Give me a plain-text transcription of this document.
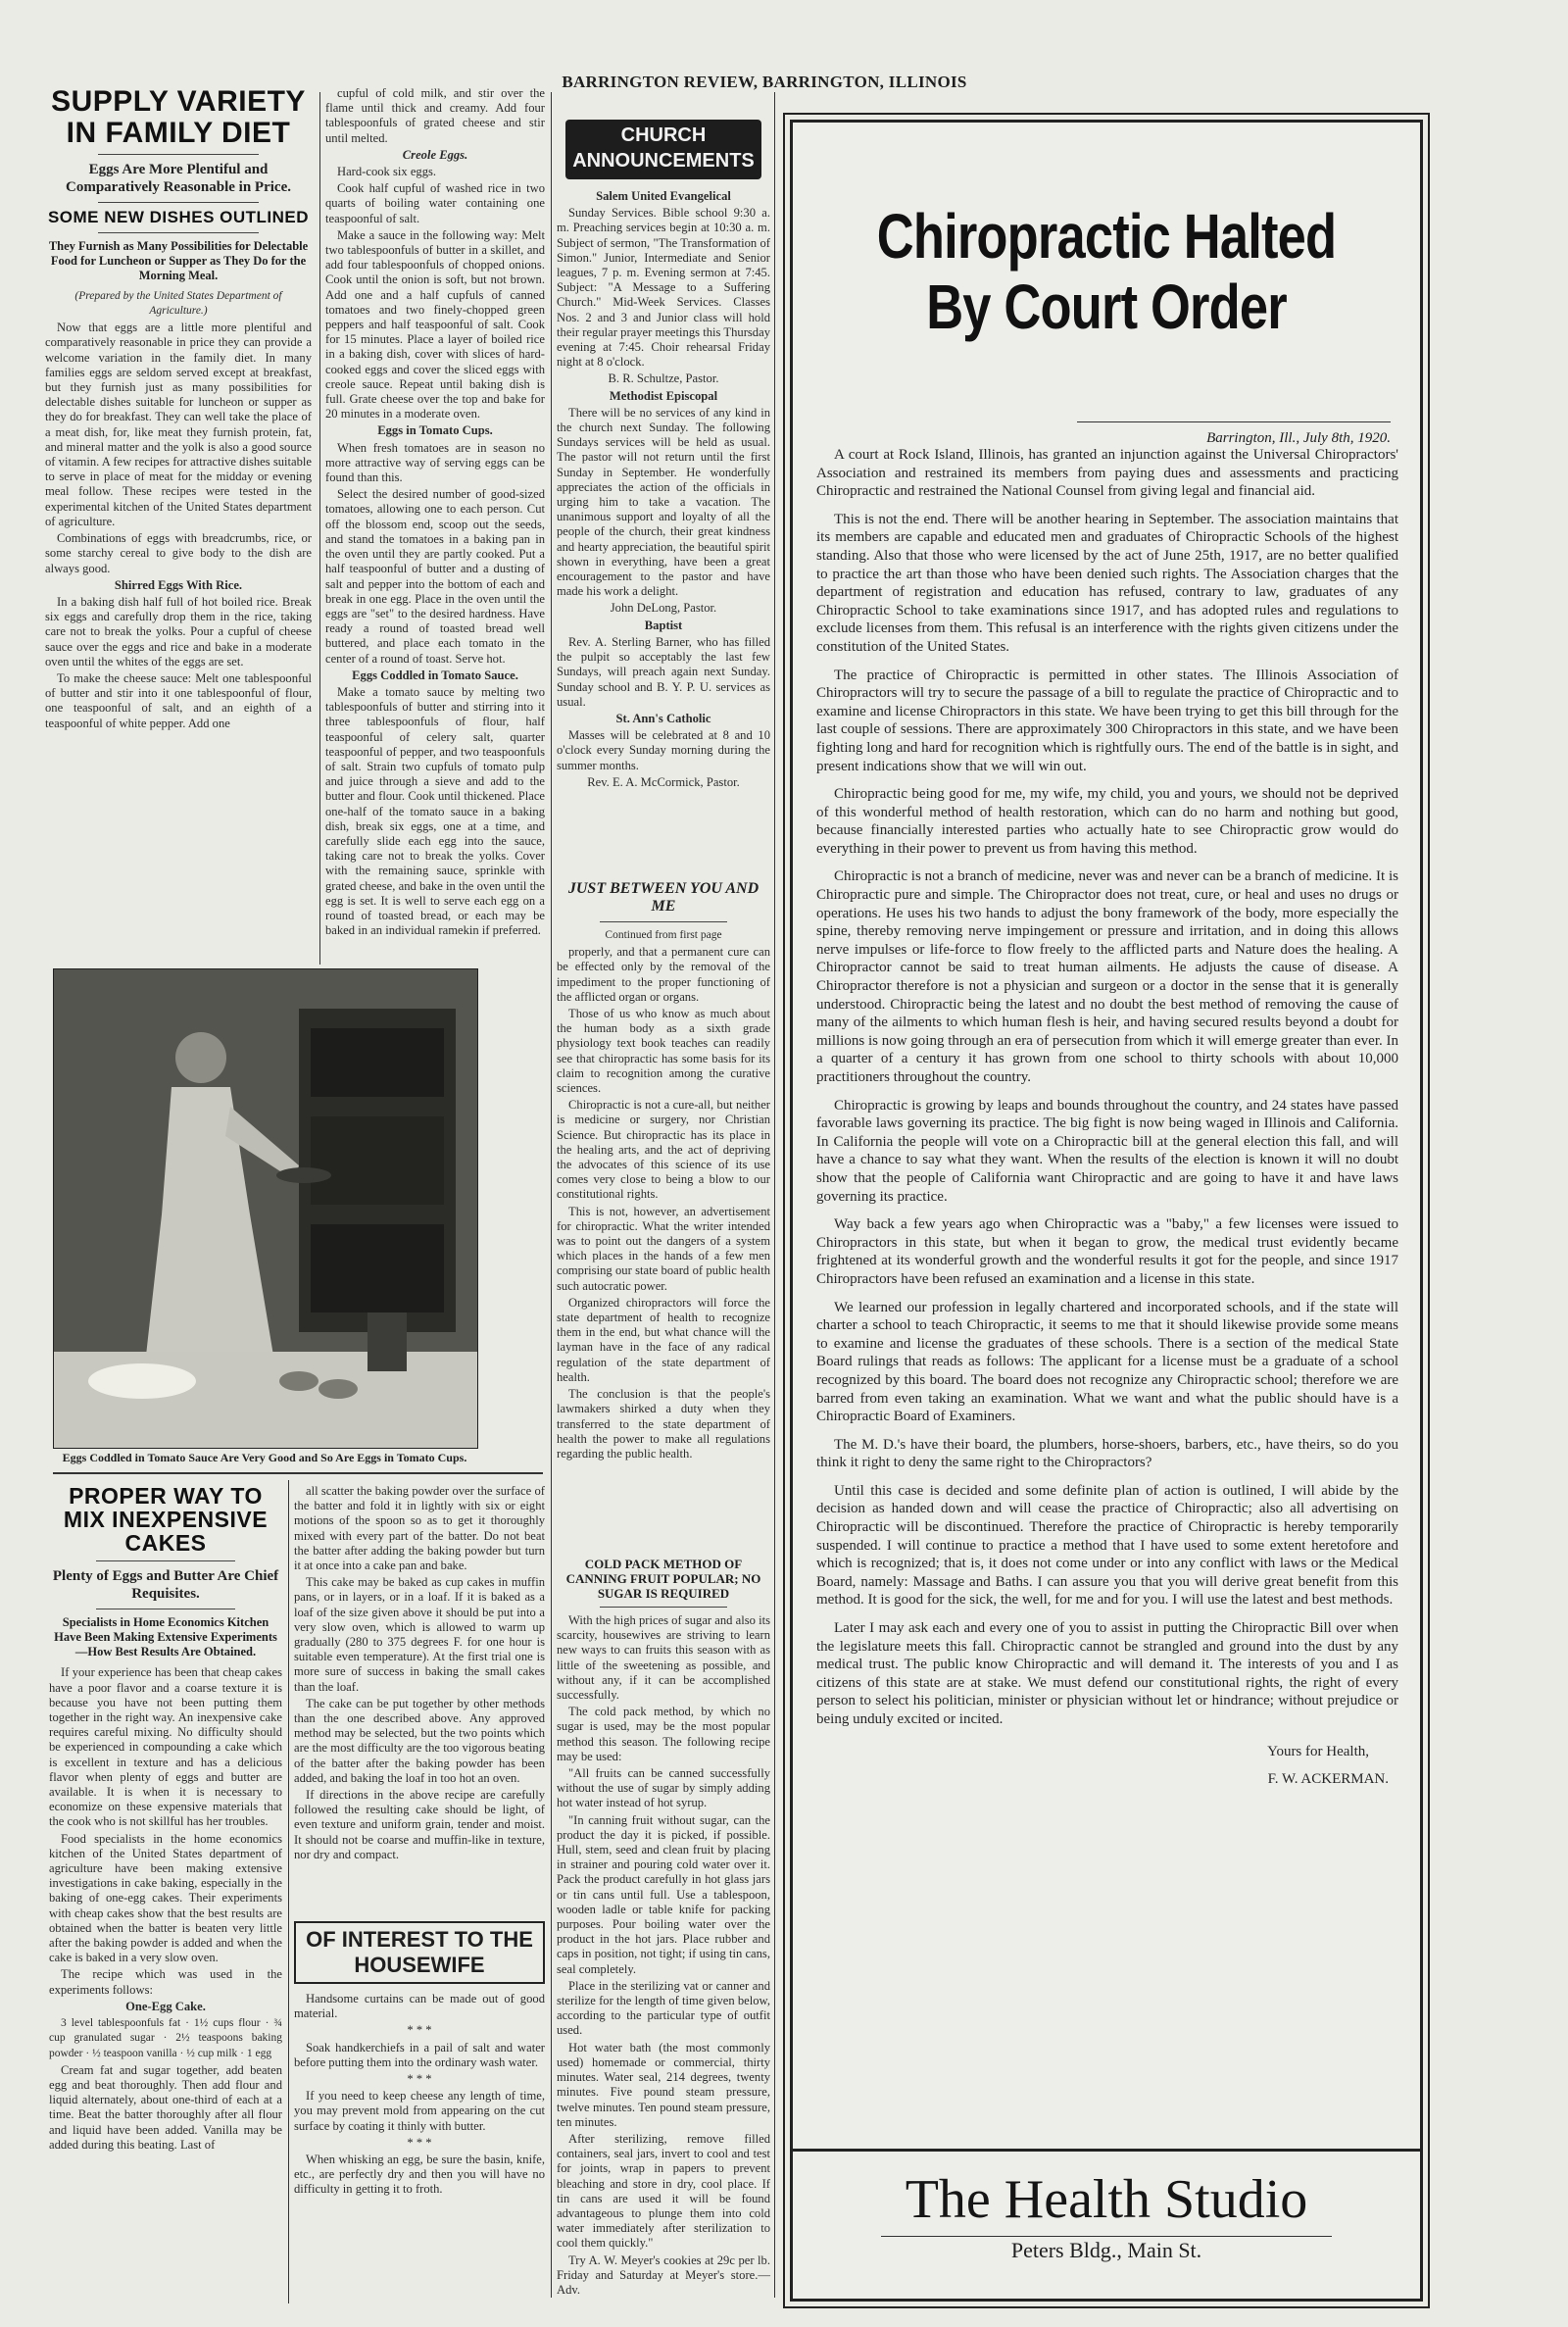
BARRINGTON REVIEW, BARRINGTON, ILLINOIS
SUPPLY VARIETY IN FAMILY DIET
Eggs Are More Plentiful and Comparatively Reasonable in Price.
SOME NEW DISHES OUTLINED
They Furnish as Many Possibilities for Delectable Food for Luncheon or Supper as They Do for the Morning Meal.

(Prepared by the United States Department of Agriculture.)

Now that eggs are a little more plentiful and comparatively reasonable in price they can provide a welcome variation in the family diet. In many families eggs are seldom served except at breakfast, but they furnish just as many possibilities for delectable dishes suitable for luncheon or supper as they do for breakfast. They can well take the place of a meat dish, for, like meat they furnish protein, fat, and mineral matter and the yolk is also a good source of vitamin. A few recipes for attractive dishes suitable to serve in place of meat for the midday or evening meal follow. These recipes were tested in the experimental kitchen of the United States department of agriculture.

Combinations of eggs with breadcrumbs, rice, or some starchy cereal to give body to the dish are always good.

Shirred Eggs With Rice.

In a baking dish half full of hot boiled rice. Break six eggs and carefully drop them in the rice, taking care not to break the yolks. Pour a cupful of cheese sauce over the eggs and rice and bake in a moderate oven until the whites of the eggs are set.

To make the cheese sauce: Melt one tablespoonful of butter and stir into it one tablespoonful of flour, one teaspoonful of salt, and an eighth of a teaspoonful of white pepper. Add one

cupful of cold milk, and stir over the flame until thick and creamy. Add four tablespoonfuls of grated cheese and stir until melted.

Creole Eggs.

Hard-cook six eggs.

Cook half cupful of washed rice in two quarts of boiling water containing one teaspoonful of salt.

Make a sauce in the following way: Melt two tablespoonfuls of butter in a skillet, and add four tablespoonfuls of chopped onions. Cook until the onion is soft, but not brown. Add one and a half cupfuls of canned tomatoes and two finely-chopped green peppers and half teaspoonful of salt. Cook for 15 minutes. Place a layer of boiled rice in a baking dish, cover with slices of hard-cooked eggs and cover the sliced eggs with creole sauce. Repeat until baking dish is full. Grate cheese over the top and bake for 20 minutes in a moderate oven.

Eggs in Tomato Cups.

When fresh tomatoes are in season no more attractive way of serving eggs can be found than this.

Select the desired number of good-sized tomatoes, allowing one to each person. Cut off the blossom end, scoop out the seeds, and stand the tomatoes in a baking pan in the oven until they are partly cooked. Put a half teaspoonful of butter and a dusting of salt and pepper into the bottom of each and break in one egg. Place in the oven until the eggs are "set" to the desired hardness. Have ready a round of toasted bread well buttered, and place each tomato in the center of a round of toast. Serve hot.

Eggs Coddled in Tomato Sauce.

Make a tomato sauce by melting two tablespoonfuls of butter and stirring into it three tablespoonfuls of flour, half teaspoonful of celery salt, quarter teaspoonful of pepper, and two teaspoonfuls of salt. Strain two cupfuls of tomato pulp and juice through a sieve and add to the butter and flour. Cook until thickened. Place one-half of the tomato sauce in a baking dish, break six eggs, one at a time, and carefully slide each egg into the sauce, taking care not to break the yolks. Cover with the remaining sauce, sprinkle with grated cheese, and bake in the oven until the egg is set. It is well to serve each egg on a round of toasted bread, or each may be baked in an individual ramekin if preferred.

Eggs Coddled in Tomato Sauce Are Very Good and So Are Eggs in Tomato Cups.
PROPER WAY TO MIX INEXPENSIVE CAKES
Plenty of Eggs and Butter Are Chief Requisites.
Specialists in Home Economics Kitchen Have Been Making Extensive Experiments—How Best Results Are Obtained.

If your experience has been that cheap cakes have a poor flavor and a coarse texture it is because you have not been putting them together in the right way. An inexpensive cake requires careful mixing. No difficulty should be experienced in compounding a cake which is excellent in texture and has a delicious flavor when plenty of eggs and butter are available. It is when it is necessary to economize on these expensive materials that the cook who is not skillful has her troubles.

Food specialists in the home economics kitchen of the United States department of agriculture have been making extensive investigations in cake baking, especially in the baking of one-egg cakes. Their experiments with cheap cakes show that the best results are obtained when the batter is beaten very little after the baking powder is added and when the cake is baked in a very slow oven.

The recipe which was used in the experiments follows:

One-Egg Cake.

3 level tablespoonfuls fat · 1½ cups flour · ¾ cup granulated sugar · 2½ teaspoons baking powder · ½ teaspoon vanilla · ½ cup milk · 1 egg

Cream fat and sugar together, add beaten egg and beat thoroughly. Then add flour and liquid alternately, about one-third of each at a time. Beat the batter thoroughly after all flour and liquid have been added. Vanilla may be added during this beating. Last of

all scatter the baking powder over the surface of the batter and fold it in lightly with six or eight motions of the spoon so as to get it thoroughly mixed with every part of the batter. Do not beat the batter after adding the baking powder but turn it at once into a cake pan and bake.

This cake may be baked as cup cakes in muffin pans, or in layers, or in a loaf. If it is baked as a loaf of the size given above it should be put into a very slow oven, which is allowed to warm up gradually (280 to 375 degrees F. for one hour is suitable even temperature). At the first trial one is more sure of success in baking the small cakes than the loaf.

The cake can be put together by other methods than the one described above. Any approved method may be selected, but the two points which are the most difficulty are the too vigorous beating of the batter after the baking powder has been added, and baking the loaf in too hot an oven.

If directions in the above recipe are carefully followed the resulting cake should be light, of even texture and uniform grain, tender and moist. It should not be coarse and muffin-like in texture, nor dry and compact.

OF INTEREST TO THE HOUSEWIFE

Handsome curtains can be made out of good material.

* * *

Soak handkerchiefs in a pail of salt and water before putting them into the ordinary wash water.

* * *

If you need to keep cheese any length of time, you may prevent mold from appearing on the cut surface by coating it thinly with butter.

* * *

When whisking an egg, be sure the basin, knife, etc., are perfectly dry and then you will have no difficulty in getting it to froth.

CHURCH ANNOUNCEMENTS

Salem United Evangelical

Sunday Services. Bible school 9:30 a. m. Preaching services begin at 10:30 a. m. Subject of sermon, "The Transformation of Simon." Junior, Intermediate and Senior leagues, 7 p. m. Evening sermon at 7:45. Subject: "A Message to a Suffering Church." Mid-Week Services. Classes Nos. 2 and 3 and Junior class will hold their regular prayer meetings this Thursday evening at 7:45. Choir rehearsal Friday night at 8 o'clock.

B. R. Schultze, Pastor.

Methodist Episcopal

There will be no services of any kind in the church next Sunday. The following Sundays services will be held as usual. The pastor will not return until the first Sunday in September. He wonderfully appreciates the action of the officials in urging him to take a vacation. The unanimous support and loyalty of all the people of the church, their great kindness and hearty appreciation, the beautiful spirit shown in everything, have been a great encouragement to the pastor and have made his work a delight.

John DeLong, Pastor.

Baptist

Rev. A. Sterling Barner, who has filled the pulpit so acceptably the last few Sundays, will preach again next Sunday. Sunday school and B. Y. P. U. services as usual.

St. Ann's Catholic

Masses will be celebrated at 8 and 10 o'clock every Sunday morning during the summer months.

Rev. E. A. McCormick, Pastor.

JUST BETWEEN YOU AND ME

Continued from first page

properly, and that a permanent cure can be effected only by the removal of the impediment to the proper functioning of the afflicted organ or organs.

Those of us who know as much about the human body as a sixth grade physiology text book teaches can readily see that chiropractic has some basis for its claim to recognition among the curative sciences.

Chiropractic is not a cure-all, but neither is medicine or surgery, nor Christian Science. But chiropractic has its place in the healing arts, and the act of depriving the advocates of this science of its use comes very close to being a blow to our constitutional rights.

This is not, however, an advertisement for chiropractic. What the writer intended was to point out the dangers of a system which places in the hands of a few men comprising our state board of public health such autocratic power.

Organized chiropractors will force the state department of health to recognize them in the end, but what chance will the layman have in the face of any radical regulation of the state department of health.

The conclusion is that the people's lawmakers shirked a duty when they transferred to the state department of health the power to make all regulations regarding the public health.

COLD PACK METHOD OF CANNING FRUIT POPULAR; NO SUGAR IS REQUIRED

With the high prices of sugar and also its scarcity, housewives are striving to learn new ways to can fruits this season with as little of the sweetening as possible, and without any, if it can be accomplished successfully.

The cold pack method, by which no sugar is used, may be the most popular method this season. The following recipe may be used:

"All fruits can be canned successfully without the use of sugar by simply adding hot water instead of hot syrup.

"In canning fruit without sugar, can the product the day it is picked, if possible. Hull, stem, seed and clean fruit by placing in strainer and pouring cold water over it. Pack the product carefully in hot glass jars or tin cans until full. Use a tablespoon, wooden ladle or table knife for packing purposes. Pour boiling water over the product in the hot jars. Place rubber and caps in position, not tight; if using tin cans, seal completely.

Place in the sterilizing vat or canner and sterilize for the length of time given below, according to the particular type of outfit used.

Hot water bath (the most commonly used) homemade or commercial, thirty minutes. Water seal, 214 degrees, twenty minutes. Five pound steam pressure, twelve minutes. Ten pound steam pressure, ten minutes.

After sterilizing, remove filled containers, seal jars, invert to cool and test for joints, wrap in papers to prevent bleaching and store in dry, cool place. If tin cans are used it will be found advantageous to plunge them into cold water immediately after sterilization to cool them quickly."

Try A. W. Meyer's cookies at 29c per lb. Friday and Saturday at Meyer's store.—Adv.

Chiropractic Halted By Court Order
Barrington, Ill., July 8th, 1920.

A court at Rock Island, Illinois, has granted an injunction against the Universal Chiropractors' Association and restrained its members from paying dues and assessments and practicing Chiropractic and restrained the National Counsel from giving legal and financial aid.

This is not the end. There will be another hearing in September. The association maintains that its members are capable and educated men and graduates of Chiropractic Schools of the highest standing. Also that those who were licensed by the act of June 25th, 1917, are no better qualified to practice the art than those who have been denied such rights. The Association charges that the department of registration and education has refused, contrary to law, graduates of any Chiropractic School to take examinations since 1917, and has adopted rules and regulations to exclude licenses from them. This refusal is an interference with the rights given citizens under the constitution of the United States.

The practice of Chiropractic is permitted in other states. The Illinois Association of Chiropractors will try to secure the passage of a bill to regulate the practice of Chiropractic and to examine and license Chiropractors in this state. We have been trying to get this bill through for the last couple of sessions. There are approximately 300 Chiropractors in this state, and we have been fighting long and hard for recognition which is rightfully ours. The end of the battle is in sight, and present indications show that we will win out.

Chiropractic being good for me, my wife, my child, you and yours, we should not be deprived of this wonderful method of health restoration, which can do no harm and nothing but good, because financially interested parties who actually hate to see Chiropractic grow would do everything in their power to prevent us from having this method.

Chiropractic is not a branch of medicine, never was and never can be a branch of medicine. It is Chiropractic pure and simple. The Chiropractor does not treat, cure, or heal and uses no drugs or operations. He uses his two hands to adjust the bony framework of the body, more especially the spine, thereby removing nerve impingement or pressure and irritation, and in doing this allows nerve impulses or life-force to flow freely to the afflicted parts and Nature does the healing. A Chiropractor cannot be said to treat human ailments. He adjusts the cause of disease. A Chiropractor therefore is not a physician and surgeon or a doctor in the sense that it is generally understood. Chiropractic being the latest and no doubt the best method of removing the cause of many of the ailments to which human flesh is heir, and having secured results beyond a doubt for millions is now going through an era of persecution from which it will emerge greater than ever. In a quarter of a century it has grown from one school to thirty schools with about 10,000 practitioners throughout the country.

Chiropractic is growing by leaps and bounds throughout the country, and 24 states have passed favorable laws governing its practice. The big fight is now being waged in Illinois and California. In California the people will vote on a Chiropractic bill at the general election this fall, and will have a chance to say what they want. When the results of the election is known it will no doubt show that the people of California want Chiropractic and are going to have it and have laws governing its practice.

Way back a few years ago when Chiropractic was a "baby," a few licenses were issued to Chiropractors in this state, but when it began to grow, the medical trust evidently became frightened at its wonderful growth and the wonderful results it got for the people, and since 1917 Chiropractors have been refused an examination and a license in this state.

We learned our profession in legally chartered and incorporated schools, and if the state will charter a school to teach Chiropractic, it seems to me that it should likewise provide some means to examine and license the graduates of these schools. There is a section of the medical State Board rulings that reads as follows: The applicant for a license must be a graduate of a school recognized by this board. The board does not recognize any Chiropractic school; therefore we are barred from even taking an examination. What we want and what the public should have is a Chiropractic Board of Examiners.

The M. D.'s have their board, the plumbers, horse-shoers, barbers, etc., have theirs, so do you think it right to deny the same right to the Chiropractors?

Until this case is decided and some definite plan of action is outlined, I will abide by the decision as handed down and will cease the practice of Chiropractic; also all advertising on Chiropractic will be discontinued. Therefore the practice of Chiropractic is hereby temporarily suspended. I will continue to practice a method that I have used to some extent heretofore and which is recognized; that is, it does not come under or into any conflict with laws or the Medical Board, namely: Massage and Baths. I can assure you that you will derive great benefit from this method. It is good for the sick, the well, for me and for you. I will use the latest and best methods.

Later I may ask each and every one of you to assist in putting the Chiropractic Bill over when the legislature meets this fall. Chiropractic cannot be strangled and ground into the dust by any medical trust. The public know Chiropractic and will demand it. The interests of you and I as citizens of this state are at stake. We must defend our constitutional rights, the right of every person to select his politician, minister or physician without let or hindrance; without prejudice or being unduly excited or incited.

Yours for Health,

F. W. ACKERMAN.

The Health Studio
Peters Bldg., Main St.
